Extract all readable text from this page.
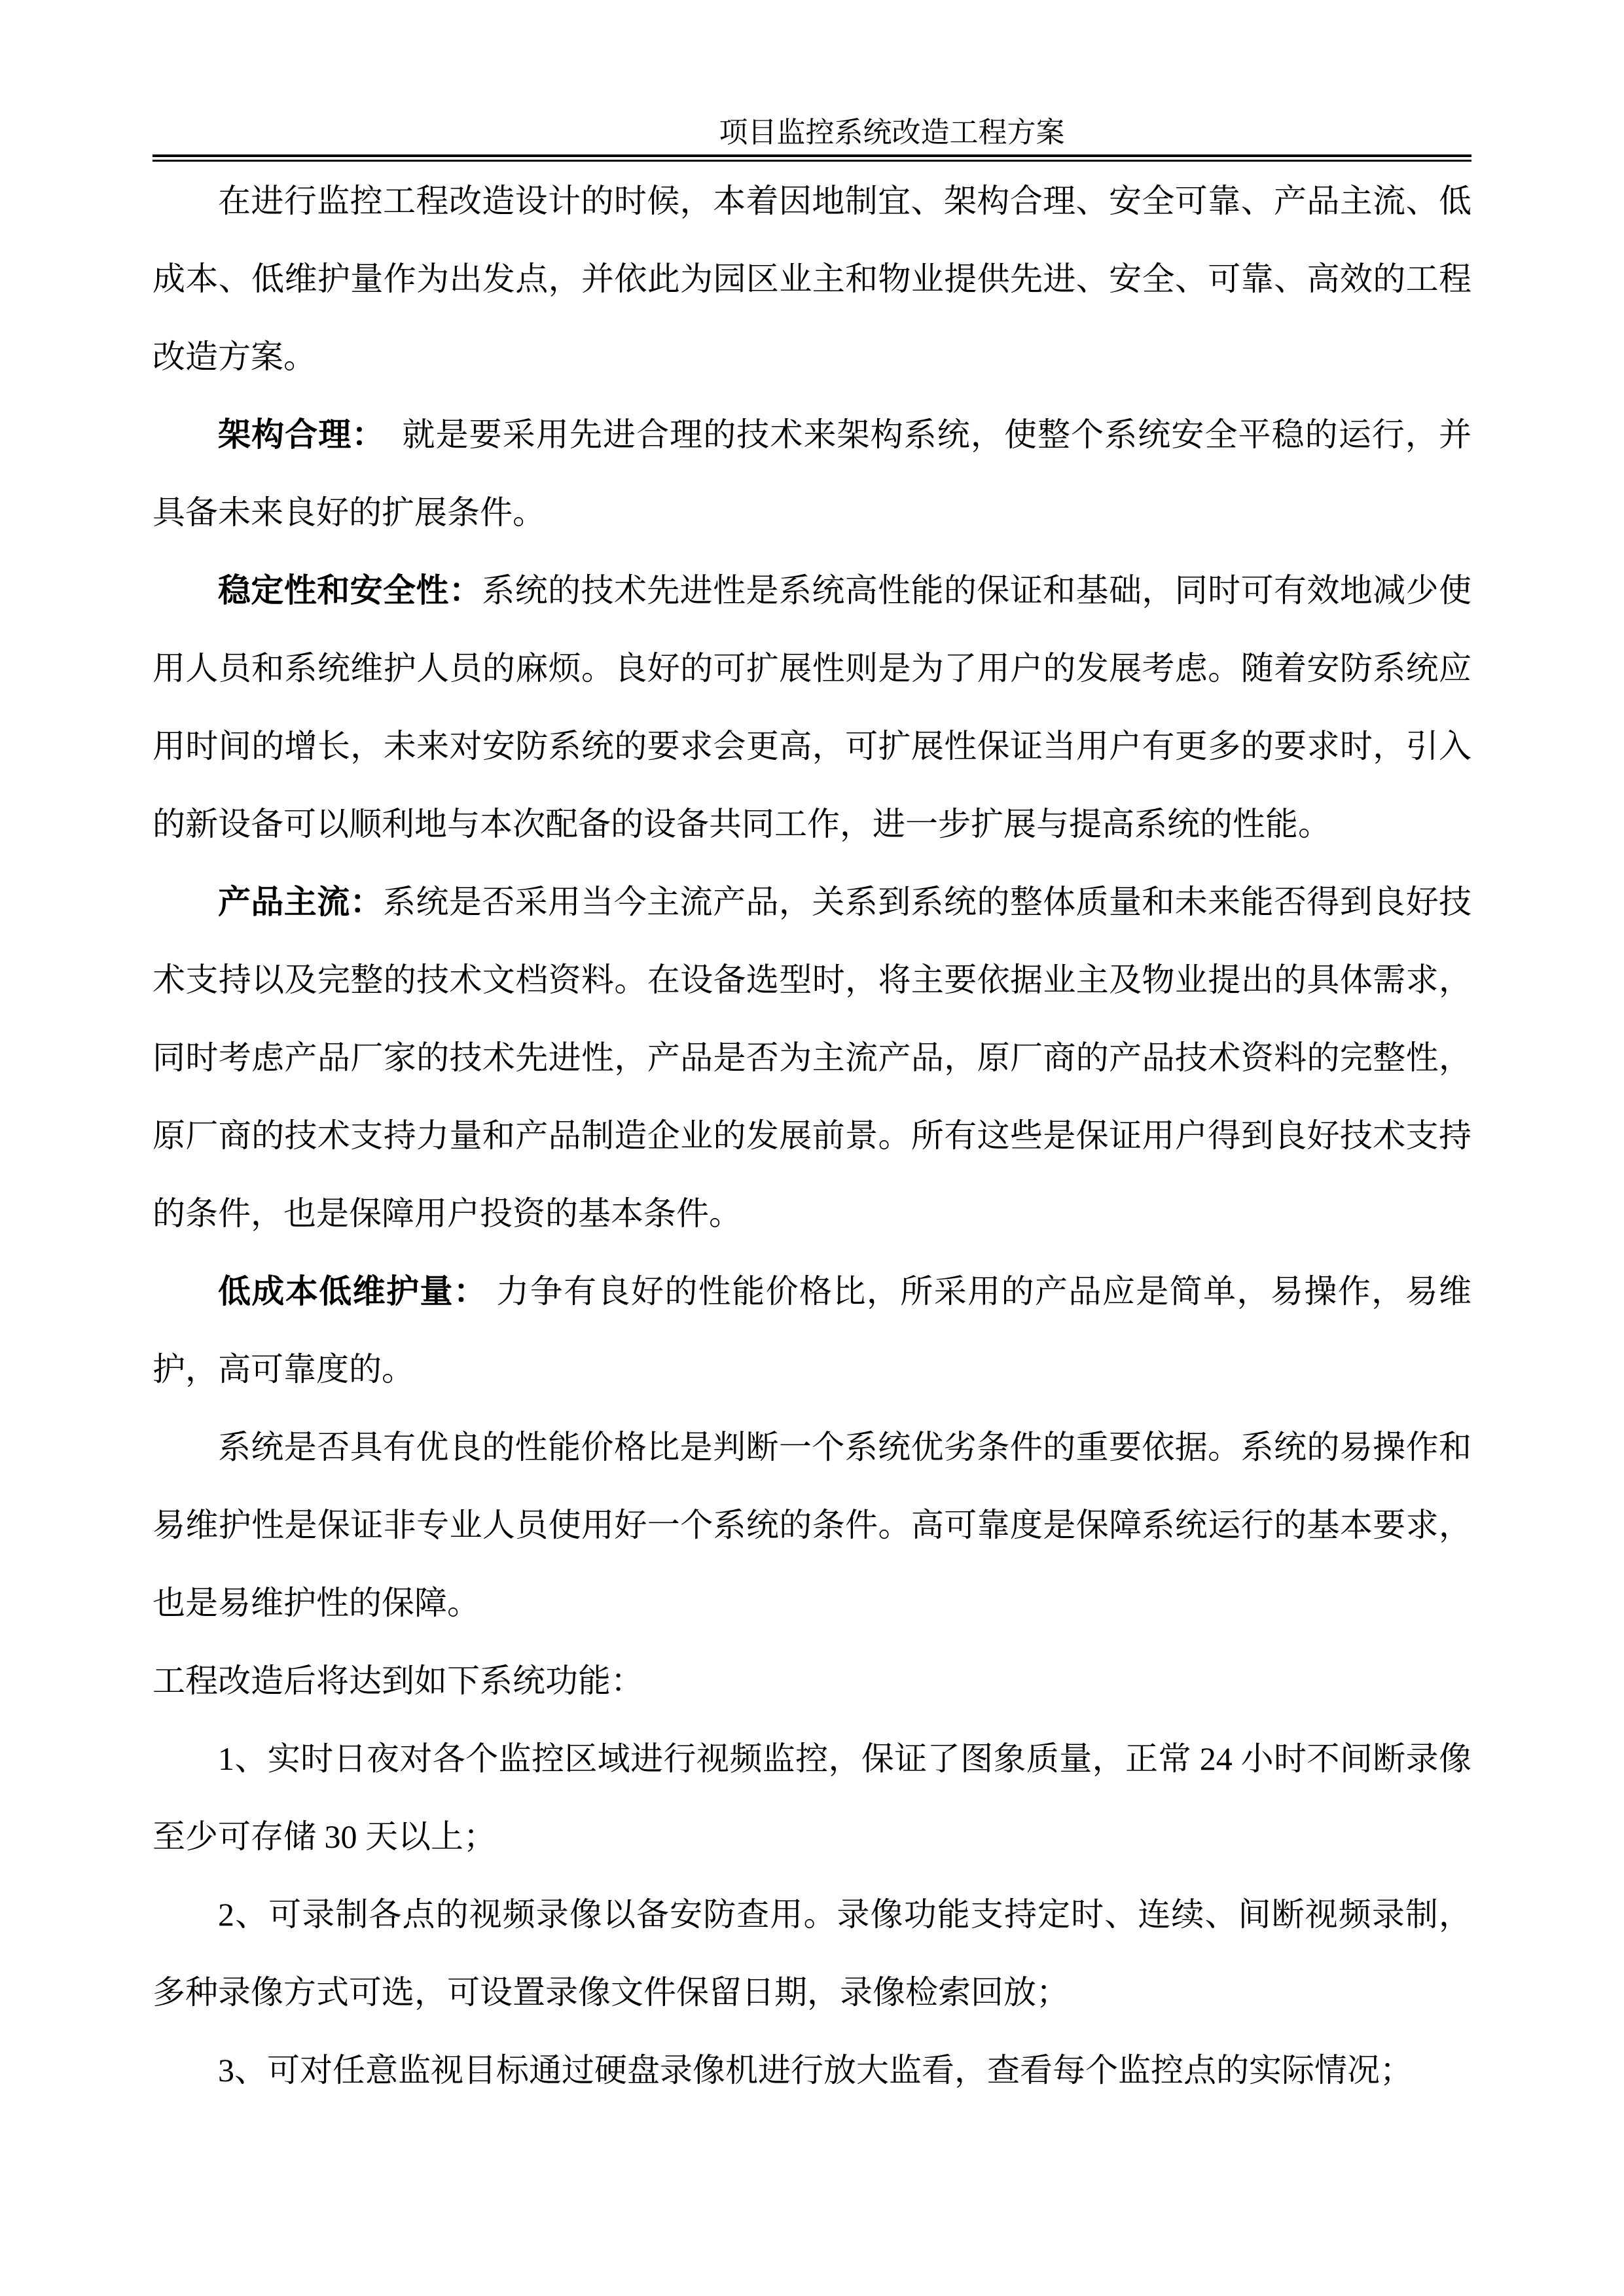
项目监控系统改造工程方案

在进行监控工程改造设计的时候，本着因地制宜、架构合理、安全可靠、产品主流、低成本、低维护量作为出发点，并依此为园区业主和物业提供先进、安全、可靠、高效的工程改造方案。

架构合理：　就是要采用先进合理的技术来架构系统，使整个系统安全平稳的运行，并具备未来良好的扩展条件。

稳定性和安全性：系统的技术先进性是系统高性能的保证和基础，同时可有效地减少使用人员和系统维护人员的麻烦。良好的可扩展性则是为了用户的发展考虑。随着安防系统应用时间的增长，未来对安防系统的要求会更高，可扩展性保证当用户有更多的要求时，引入的新设备可以顺利地与本次配备的设备共同工作，进一步扩展与提高系统的性能。

产品主流：系统是否采用当今主流产品，关系到系统的整体质量和未来能否得到良好技术支持以及完整的技术文档资料。在设备选型时，将主要依据业主及物业提出的具体需求，同时考虑产品厂家的技术先进性，产品是否为主流产品，原厂商的产品技术资料的完整性，原厂商的技术支持力量和产品制造企业的发展前景。所有这些是保证用户得到良好技术支持的条件，也是保障用户投资的基本条件。

低成本低维护量： 力争有良好的性能价格比，所采用的产品应是简单，易操作，易维护，高可靠度的。

系统是否具有优良的性能价格比是判断一个系统优劣条件的重要依据。系统的易操作和易维护性是保证非专业人员使用好一个系统的条件。高可靠度是保障系统运行的基本要求，也是易维护性的保障。

工程改造后将达到如下系统功能：

1、实时日夜对各个监控区域进行视频监控，保证了图象质量，正常 24 小时不间断录像至少可存储 30 天以上；

2、可录制各点的视频录像以备安防查用。录像功能支持定时、连续、间断视频录制，多种录像方式可选，可设置录像文件保留日期，录像检索回放；

3、可对任意监视目标通过硬盘录像机进行放大监看，查看每个监控点的实际情况；
